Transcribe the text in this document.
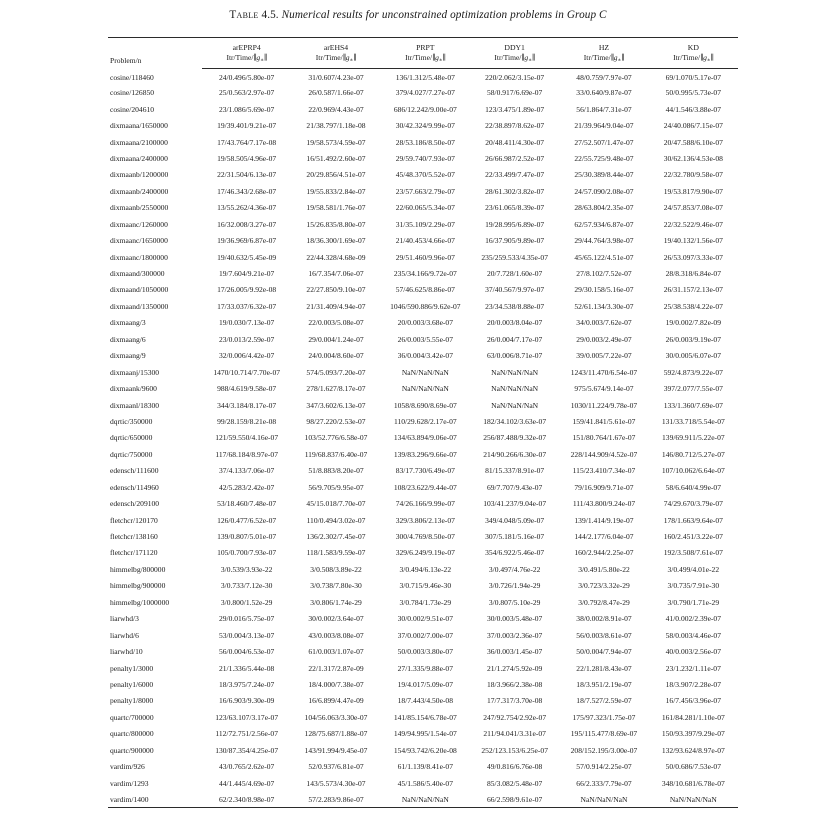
Table 4.5. Numerical results for unconstrained optimization problems in Group C
Problem/n	arEPRP4	arEHS4	PRPT	DDY1	HZ	KD
	Itr/$Time/\parallel g_∗\parallel$	Itr/$Time/\parallel g_∗\parallel$	Itr/$Time/\parallel g_∗\parallel$	Itr/$Time/\parallel g_∗\parallel$	Itr/$Time/\parallel g_∗\parallel$	Itr/$Time/\parallel g_∗\parallel$
cosine/118460	24/0.496/5.80e-07	31/0.607/4.23e-07	136/1.312/5.48e-07	220/2.062/3.15e-07	48/0.759/7.97e-07	69/1.070/5.17e-07
cosine/126850	25/0.563/2.97e-07	26/0.587/1.66e-07	379/4.027/7.27e-07	58/0.917/6.69e-07	33/0.640/9.87e-07	50/0.995/5.73e-07
cosine/204610	23/1.086/5.69e-07	22/0.969/4.43e-07	686/12.242/9.00e-07	123/3.475/1.89e-07	56/1.864/7.31e-07	44/1.546/3.88e-07
dixmaana/1650000	19/39.401/9.21e-07	21/38.797/1.18e-08	30/42.324/9.99e-07	22/38.897/8.62e-07	21/39.964/9.04e-07	24/40.086/7.15e-07
dixmaana/2100000	17/43.764/7.17e-08	19/58.573/4.59e-07	28/53.186/8.50e-07	20/48.411/4.30e-07	27/52.507/1.47e-07	20/47.588/6.10e-07
dixmaana/2400000	19/58.505/4.96e-07	16/51.492/2.60e-07	29/59.740/7.93e-07	26/66.987/2.52e-07	22/55.725/9.48e-07	30/62.136/4.53e-08
dixmaanb/1200000	22/31.504/6.13e-07	20/29.856/4.51e-07	45/48.370/5.52e-07	22/33.499/7.47e-07	25/30.389/8.44e-07	22/32.780/9.58e-07
dixmaanb/2400000	17/46.343/2.68e-07	19/55.833/2.84e-07	23/57.663/2.79e-07	28/61.302/3.82e-07	24/57.090/2.08e-07	19/53.817/9.90e-07
dixmaanb/2550000	13/55.262/4.36e-07	19/58.581/1.76e-07	22/60.065/5.34e-07	23/61.065/8.39e-07	28/63.804/2.35e-07	24/57.853/7.08e-07
dixmaanc/1260000	16/32.008/3.27e-07	15/26.835/8.80e-07	31/35.109/2.29e-07	19/28.995/6.89e-07	62/57.934/6.87e-07	22/32.522/9.46e-07
dixmaanc/1650000	19/36.969/6.87e-07	18/36.300/1.69e-07	21/40.453/4.66e-07	16/37.905/9.89e-07	29/44.764/3.98e-07	19/40.132/1.56e-07
dixmaanc/1800000	19/40.632/5.45e-09	22/44.328/4.68e-09	29/51.460/9.96e-07	235/259.533/4.35e-07	45/65.122/4.51e-07	26/53.097/3.33e-07
dixmaand/300000	19/7.604/9.21e-07	16/7.354/7.06e-07	235/34.166/9.72e-07	20/7.728/1.60e-07	27/8.102/7.52e-07	28/8.318/6.84e-07
dixmaand/1050000	17/26.005/9.92e-08	22/27.850/9.10e-07	57/46.625/8.86e-07	37/40.567/9.97e-07	29/30.158/5.16e-07	26/31.157/2.13e-07
dixmaand/1350000	17/33.037/6.32e-07	21/31.409/4.94e-07	1046/590.886/9.62e-07	23/34.538/8.88e-07	52/61.134/3.30e-07	25/38.538/4.22e-07
dixmaang/3	19/0.030/7.13e-07	22/0.003/5.08e-07	20/0.003/3.68e-07	20/0.003/8.04e-07	34/0.003/7.62e-07	19/0.002/7.82e-09
dixmaang/6	23/0.013/2.59e-07	29/0.004/1.24e-07	26/0.003/5.55e-07	26/0.004/7.17e-07	29/0.003/2.49e-07	26/0.003/9.19e-07
dixmaang/9	32/0.006/4.42e-07	24/0.004/8.60e-07	36/0.004/3.42e-07	63/0.006/8.71e-07	39/0.005/7.22e-07	30/0.005/6.07e-07
dixmaanj/15300	1470/10.714/7.70e-07	574/5.093/7.20e-07	NaN/NaN/NaN	NaN/NaN/NaN	1243/11.470/6.54e-07	592/4.873/9.22e-07
dixmaank/9600	988/4.619/9.58e-07	278/1.627/8.17e-07	NaN/NaN/NaN	NaN/NaN/NaN	975/5.674/9.14e-07	397/2.077/7.55e-07
dixmaanl/18300	344/3.184/8.17e-07	347/3.602/6.13e-07	1058/8.690/8.69e-07	NaN/NaN/NaN	1030/11.224/9.78e-07	133/1.360/7.69e-07
dqrtic/350000	99/28.159/8.21e-08	98/27.220/2.53e-07	110/29.628/2.17e-07	182/34.102/3.63e-07	159/41.841/5.61e-07	131/33.718/5.54e-07
dqrtic/650000	121/59.550/4.16e-07	103/52.776/6.58e-07	134/63.894/9.06e-07	256/87.488/9.32e-07	151/80.764/1.67e-07	139/69.911/5.22e-07
dqrtic/750000	117/68.184/8.97e-07	119/68.837/6.40e-07	139/83.296/9.66e-07	214/90.266/6.30e-07	228/144.909/4.52e-07	146/80.712/5.27e-07
edensch/111600	37/4.133/7.06e-07	51/8.883/8.20e-07	83/17.730/6.49e-07	81/15.337/8.91e-07	115/23.410/7.34e-07	107/10.062/6.64e-07
edensch/114960	42/5.283/2.42e-07	56/9.705/9.95e-07	108/23.622/9.44e-07	69/7.707/9.43e-07	79/16.909/9.71e-07	58/6.640/4.99e-07
edensch/209100	53/18.460/7.48e-07	45/15.018/7.70e-07	74/26.166/9.99e-07	103/41.237/9.04e-07	111/43.800/9.24e-07	74/29.670/3.79e-07
fletchcr/120170	126/0.477/6.52e-07	110/0.494/3.02e-07	329/3.806/2.13e-07	349/4.048/5.09e-07	139/1.414/9.19e-07	178/1.663/9.64e-07
fletchcr/138160	139/0.807/5.01e-07	136/2.302/7.45e-07	300/4.769/8.50e-07	307/5.181/5.16e-07	144/2.177/6.04e-07	160/2.451/3.22e-07
fletchcr/171120	105/0.700/7.93e-07	118/1.583/9.59e-07	329/6.249/9.19e-07	354/6.922/5.46e-07	160/2.944/2.25e-07	192/3.508/7.61e-07
himmelbg/800000	3/0.539/3.93e-22	3/0.508/3.89e-22	3/0.494/6.13e-22	3/0.497/4.76e-22	3/0.491/5.80e-22	3/0.499/4.01e-22
himmelbg/900000	3/0.733/7.12e-30	3/0.738/7.80e-30	3/0.715/9.46e-30	3/0.726/1.94e-29	3/0.723/3.32e-29	3/0.735/7.91e-30
himmelbg/1000000	3/0.800/1.52e-29	3/0.806/1.74e-29	3/0.784/1.73e-29	3/0.807/5.10e-29	3/0.792/8.47e-29	3/0.790/1.71e-29
liarwhd/3	29/0.016/5.75e-07	30/0.002/3.64e-07	30/0.002/9.51e-07	30/0.003/5.48e-07	38/0.002/8.91e-07	41/0.002/2.39e-07
liarwhd/6	53/0.004/3.13e-07	43/0.003/8.08e-07	37/0.002/7.00e-07	37/0.003/2.36e-07	56/0.003/8.61e-07	58/0.003/4.46e-07
liarwhd/10	56/0.004/6.53e-07	61/0.003/1.07e-07	50/0.003/3.80e-07	36/0.003/1.45e-07	50/0.004/7.94e-07	40/0.003/2.56e-07
penalty1/3000	21/1.336/5.44e-08	22/1.317/2.87e-09	27/1.335/9.88e-07	21/1.274/5.92e-09	22/1.281/8.43e-07	23/1.232/1.11e-07
penalty1/6000	18/3.975/7.24e-07	18/4.000/7.38e-07	19/4.017/5.09e-07	18/3.966/2.38e-08	18/3.951/2.19e-07	18/3.907/2.28e-07
penalty1/8000	16/6.903/9.30e-09	16/6.899/4.47e-09	18/7.443/4.50e-08	17/7.317/3.70e-08	18/7.527/2.59e-07	16/7.456/3.96e-07
quartc/700000	123/63.107/3.17e-07	104/56.063/3.30e-07	141/85.154/6.78e-07	247/92.754/2.92e-07	175/97.323/1.75e-07	161/84.281/1.10e-07
quartc/800000	112/72.751/2.56e-07	128/75.687/1.88e-07	149/94.995/1.54e-07	211/94.041/3.31e-07	195/115.477/8.69e-07	150/93.397/9.29e-07
quartc/900000	130/87.354/4.25e-07	143/91.994/9.45e-07	154/93.742/6.20e-08	252/123.153/6.25e-07	208/152.195/3.00e-07	132/93.624/8.97e-07
vardim/926	43/0.765/2.62e-07	52/0.937/6.81e-07	61/1.139/8.41e-07	49/0.816/6.76e-08	57/0.914/2.25e-07	50/0.686/7.53e-07
vardim/1293	44/1.445/4.69e-07	143/5.573/4.30e-07	45/1.586/5.40e-07	85/3.082/5.48e-07	66/2.333/7.79e-07	348/10.681/6.78e-07
vardim/1400	62/2.340/8.98e-07	57/2.283/9.86e-07	NaN/NaN/NaN	66/2.598/9.61e-07	NaN/NaN/NaN	NaN/NaN/NaN
